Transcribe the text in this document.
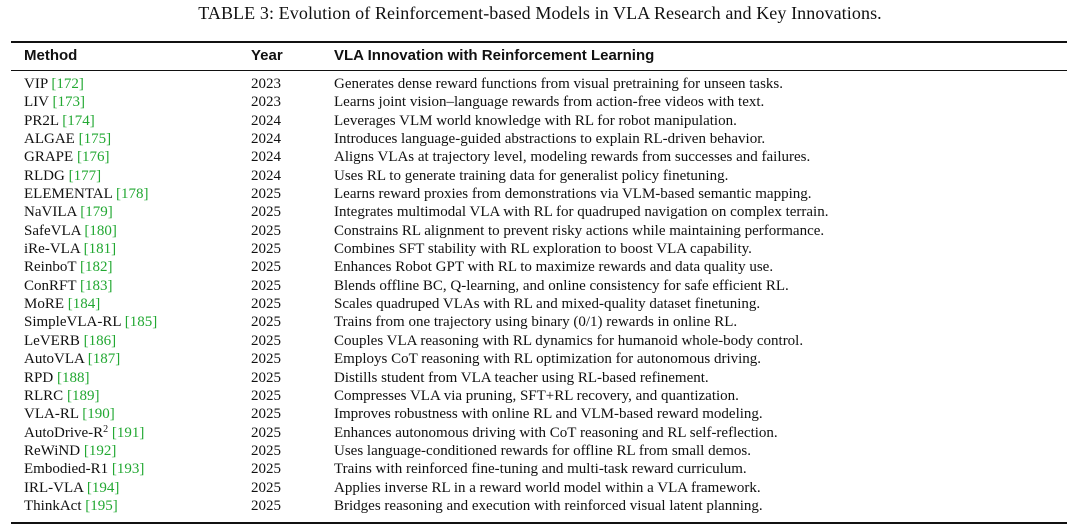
TABLE 3: Evolution of Reinforcement-based Models in VLA Research and Key Innovations.
Method	Year	VLA Innovation with Reinforcement Learning
VIP [172]	2023	Generates dense reward functions from visual pretraining for unseen tasks.
LIV [173]	2023	Learns joint vision–language rewards from action-free videos with text.
PR2L [174]	2024	Leverages VLM world knowledge with RL for robot manipulation.
ALGAE [175]	2024	Introduces language-guided abstractions to explain RL-driven behavior.
GRAPE [176]	2024	Aligns VLAs at trajectory level, modeling rewards from successes and failures.
RLDG [177]	2024	Uses RL to generate training data for generalist policy finetuning.
ELEMENTAL [178]	2025	Learns reward proxies from demonstrations via VLM-based semantic mapping.
NaVILA [179]	2025	Integrates multimodal VLA with RL for quadruped navigation on complex terrain.
SafeVLA [180]	2025	Constrains RL alignment to prevent risky actions while maintaining performance.
iRe-VLA [181]	2025	Combines SFT stability with RL exploration to boost VLA capability.
ReinboT [182]	2025	Enhances Robot GPT with RL to maximize rewards and data quality use.
ConRFT [183]	2025	Blends offline BC, Q-learning, and online consistency for safe efficient RL.
MoRE [184]	2025	Scales quadruped VLAs with RL and mixed-quality dataset finetuning.
SimpleVLA-RL [185]	2025	Trains from one trajectory using binary (0/1) rewards in online RL.
LeVERB [186]	2025	Couples VLA reasoning with RL dynamics for humanoid whole-body control.
AutoVLA [187]	2025	Employs CoT reasoning with RL optimization for autonomous driving.
RPD [188]	2025	Distills student from VLA teacher using RL-based refinement.
RLRC [189]	2025	Compresses VLA via pruning, SFT+RL recovery, and quantization.
VLA-RL [190]	2025	Improves robustness with online RL and VLM-based reward modeling.
AutoDrive-$R^2$ [191]	2025	Enhances autonomous driving with CoT reasoning and RL self-reflection.
ReWiND [192]	2025	Uses language-conditioned rewards for offline RL from small demos.
Embodied-R1 [193]	2025	Trains with reinforced fine-tuning and multi-task reward curriculum.
IRL-VLA [194]	2025	Applies inverse RL in a reward world model within a VLA framework.
ThinkAct [195]	2025	Bridges reasoning and execution with reinforced visual latent planning.
